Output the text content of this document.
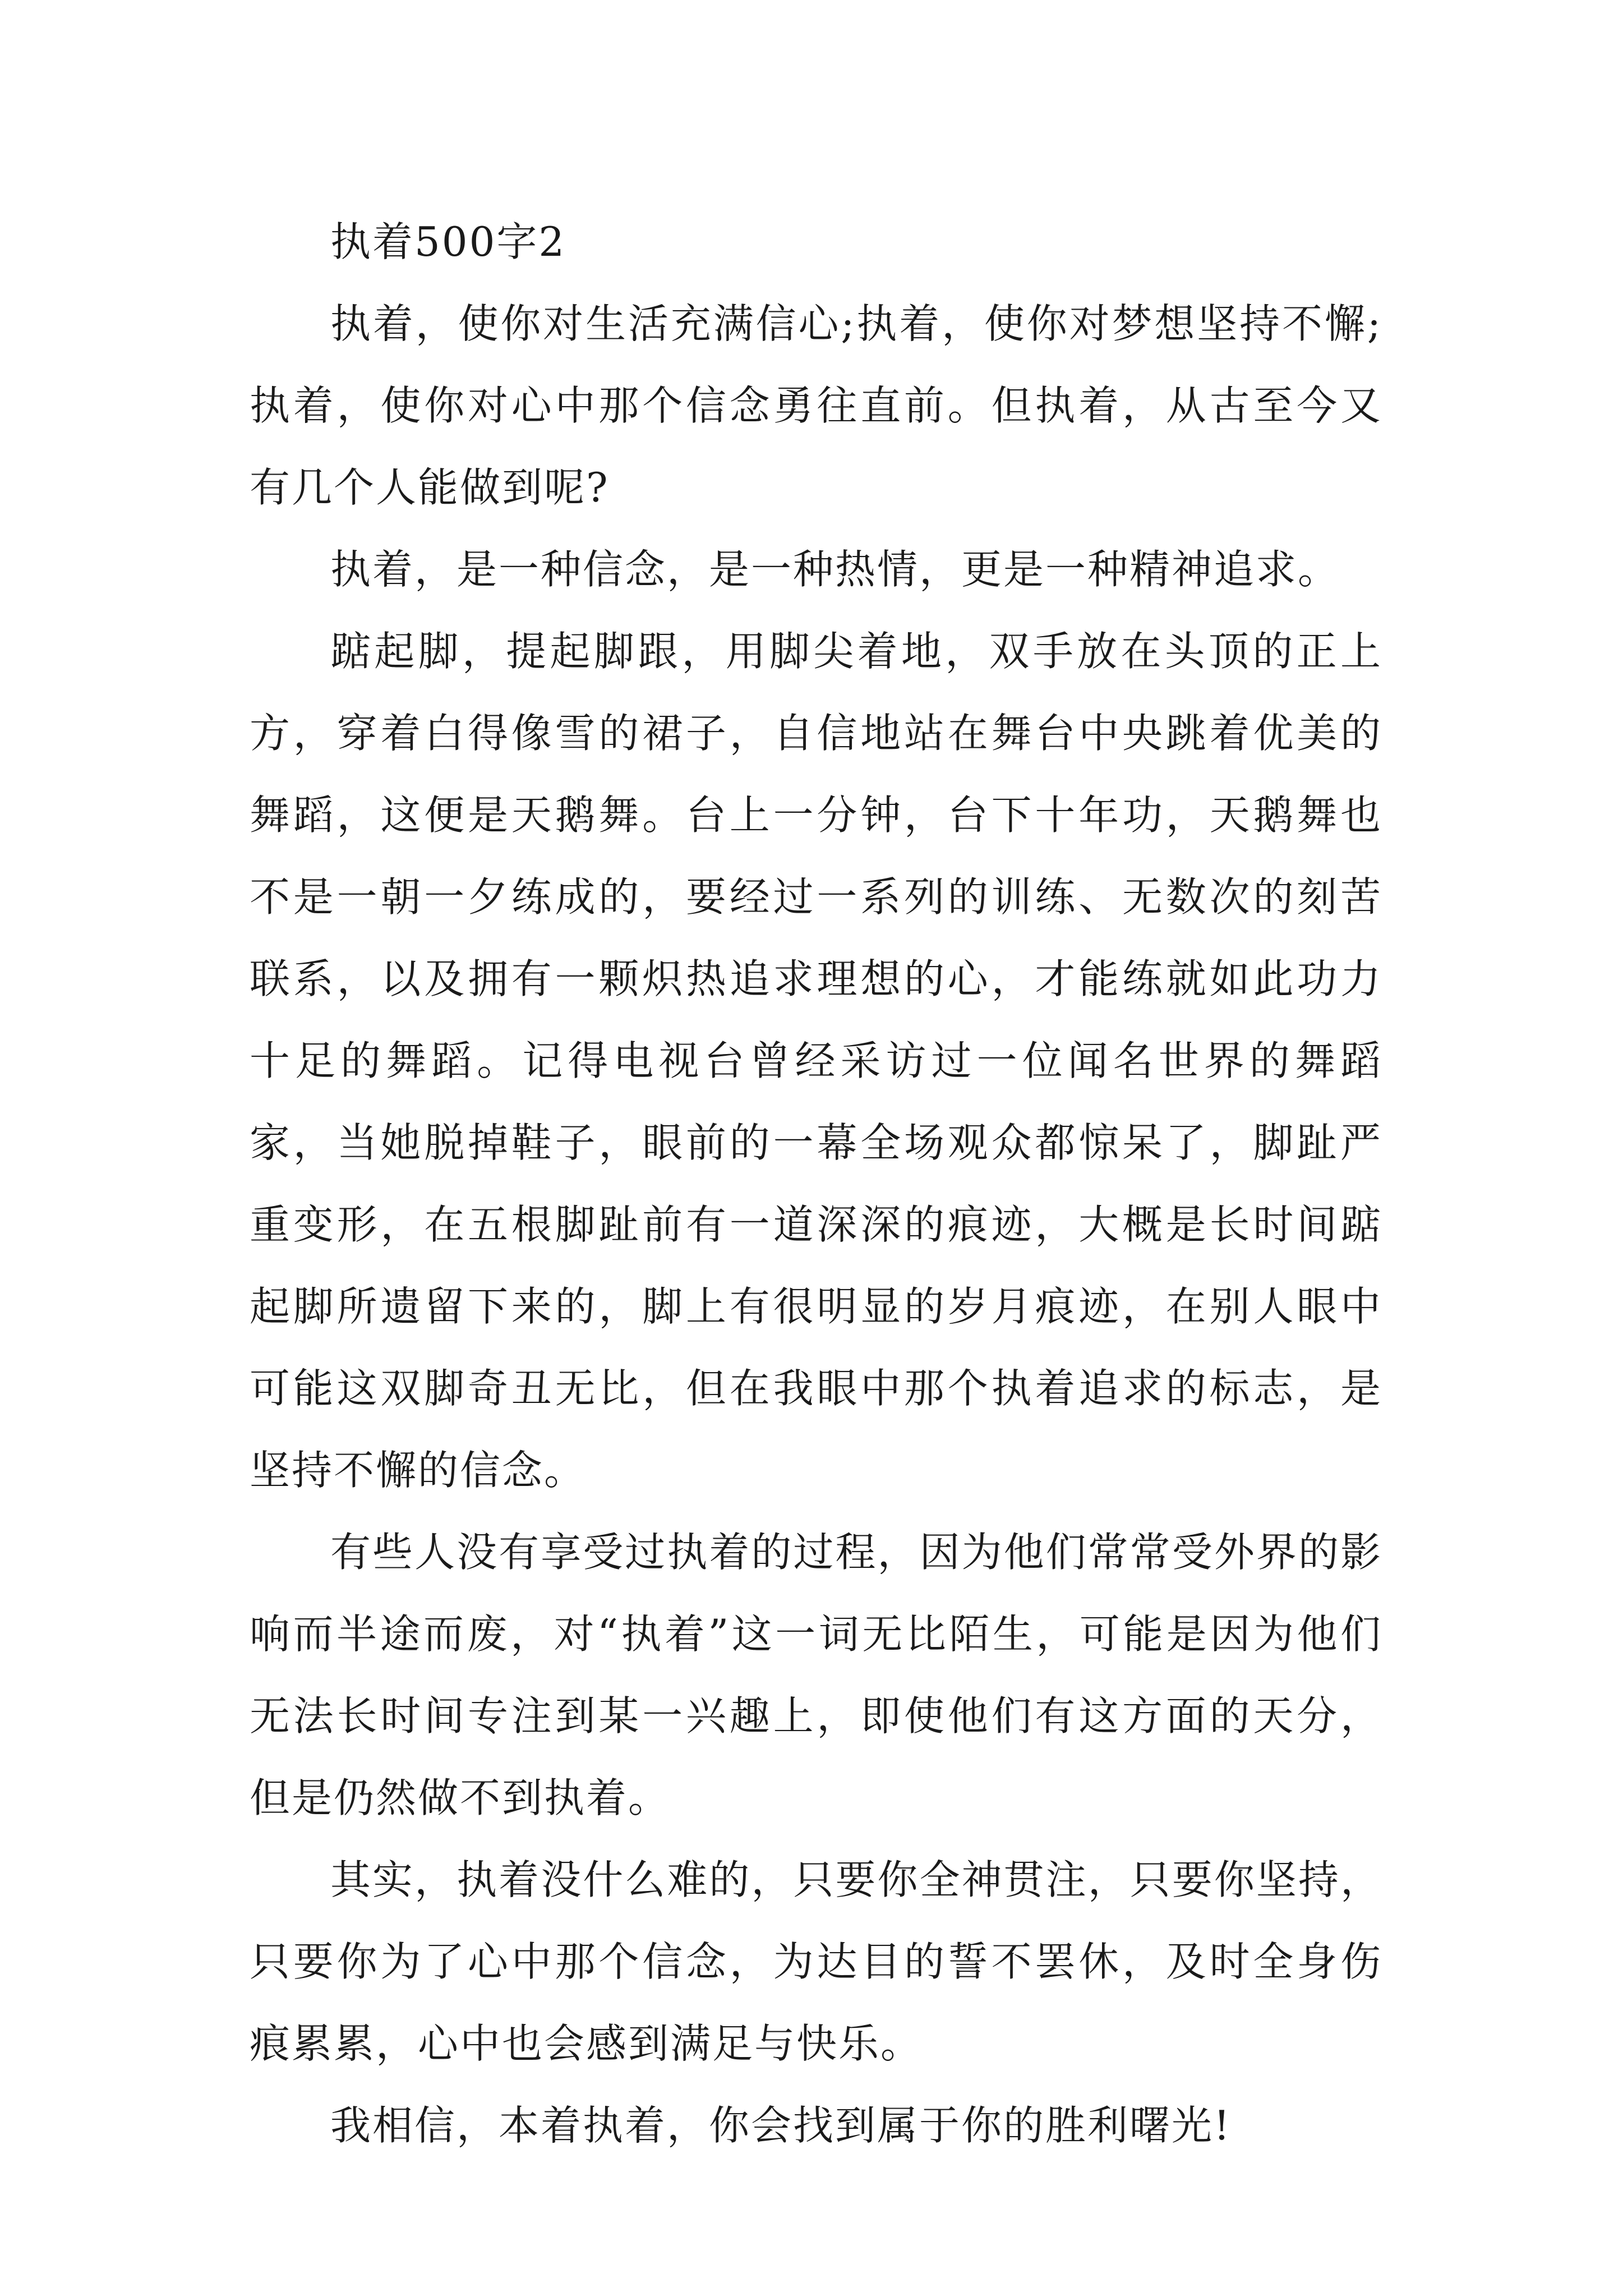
执着500字2

执着，使你对生活充满信心;执着，使你对梦想坚持不懈;执着，使你对心中那个信念勇往直前。但执着，从古至今又有几个人能做到呢?

执着，是一种信念，是一种热情，更是一种精神追求。

踮起脚，提起脚跟，用脚尖着地，双手放在头顶的正上方，穿着白得像雪的裙子，自信地站在舞台中央跳着优美的舞蹈，这便是天鹅舞。台上一分钟，台下十年功，天鹅舞也不是一朝一夕练成的，要经过一系列的训练、无数次的刻苦联系，以及拥有一颗炽热追求理想的心，才能练就如此功力十足的舞蹈。记得电视台曾经采访过一位闻名世界的舞蹈家，当她脱掉鞋子，眼前的一幕全场观众都惊呆了，脚趾严重变形，在五根脚趾前有一道深深的痕迹，大概是长时间踮起脚所遗留下来的，脚上有很明显的岁月痕迹，在别人眼中可能这双脚奇丑无比，但在我眼中那个执着追求的标志，是坚持不懈的信念。

有些人没有享受过执着的过程，因为他们常常受外界的影响而半途而废，对“执着”这一词无比陌生，可能是因为他们无法长时间专注到某一兴趣上，即使他们有这方面的天分，但是仍然做不到执着。

其实，执着没什么难的，只要你全神贯注，只要你坚持，只要你为了心中那个信念，为达目的誓不罢休，及时全身伤痕累累，心中也会感到满足与快乐。

我相信，本着执着，你会找到属于你的胜利曙光!
